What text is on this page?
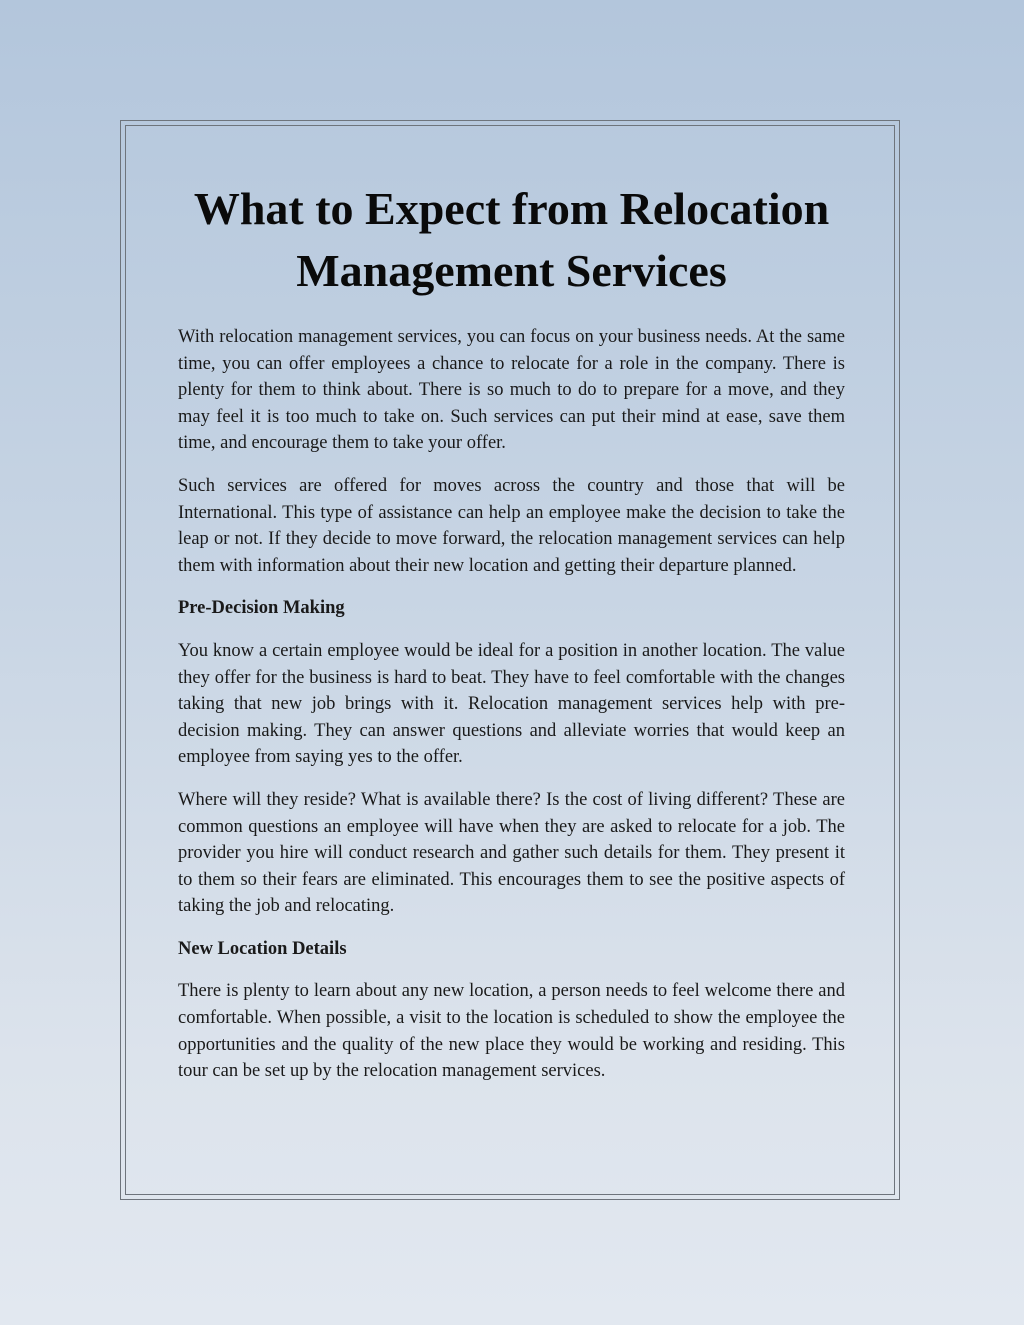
What to Expect from Relocation Management Services

With relocation management services, you can focus on your business needs. At the same time, you can offer employees a chance to relocate for a role in the company. There is plenty for them to think about. There is so much to do to prepare for a move, and they may feel it is too much to take on. Such services can put their mind at ease, save them time, and encourage them to take your offer.

Such services are offered for moves across the country and those that will be International. This type of assistance can help an employee make the decision to take the leap or not. If they decide to move forward, the relocation management services can help them with information about their new location and getting their departure planned.

Pre-Decision Making

You know a certain employee would be ideal for a position in another location. The value they offer for the business is hard to beat. They have to feel comfortable with the changes taking that new job brings with it. Relocation management services help with pre-decision making. They can answer questions and alleviate worries that would keep an employee from saying yes to the offer.

Where will they reside? What is available there? Is the cost of living different? These are common questions an employee will have when they are asked to relocate for a job. The provider you hire will conduct research and gather such details for them. They present it to them so their fears are eliminated. This encourages them to see the positive aspects of taking the job and relocating.

New Location Details

There is plenty to learn about any new location, a person needs to feel welcome there and comfortable. When possible, a visit to the location is scheduled to show the employee the opportunities and the quality of the new place they would be working and residing. This tour can be set up by the relocation management services.
